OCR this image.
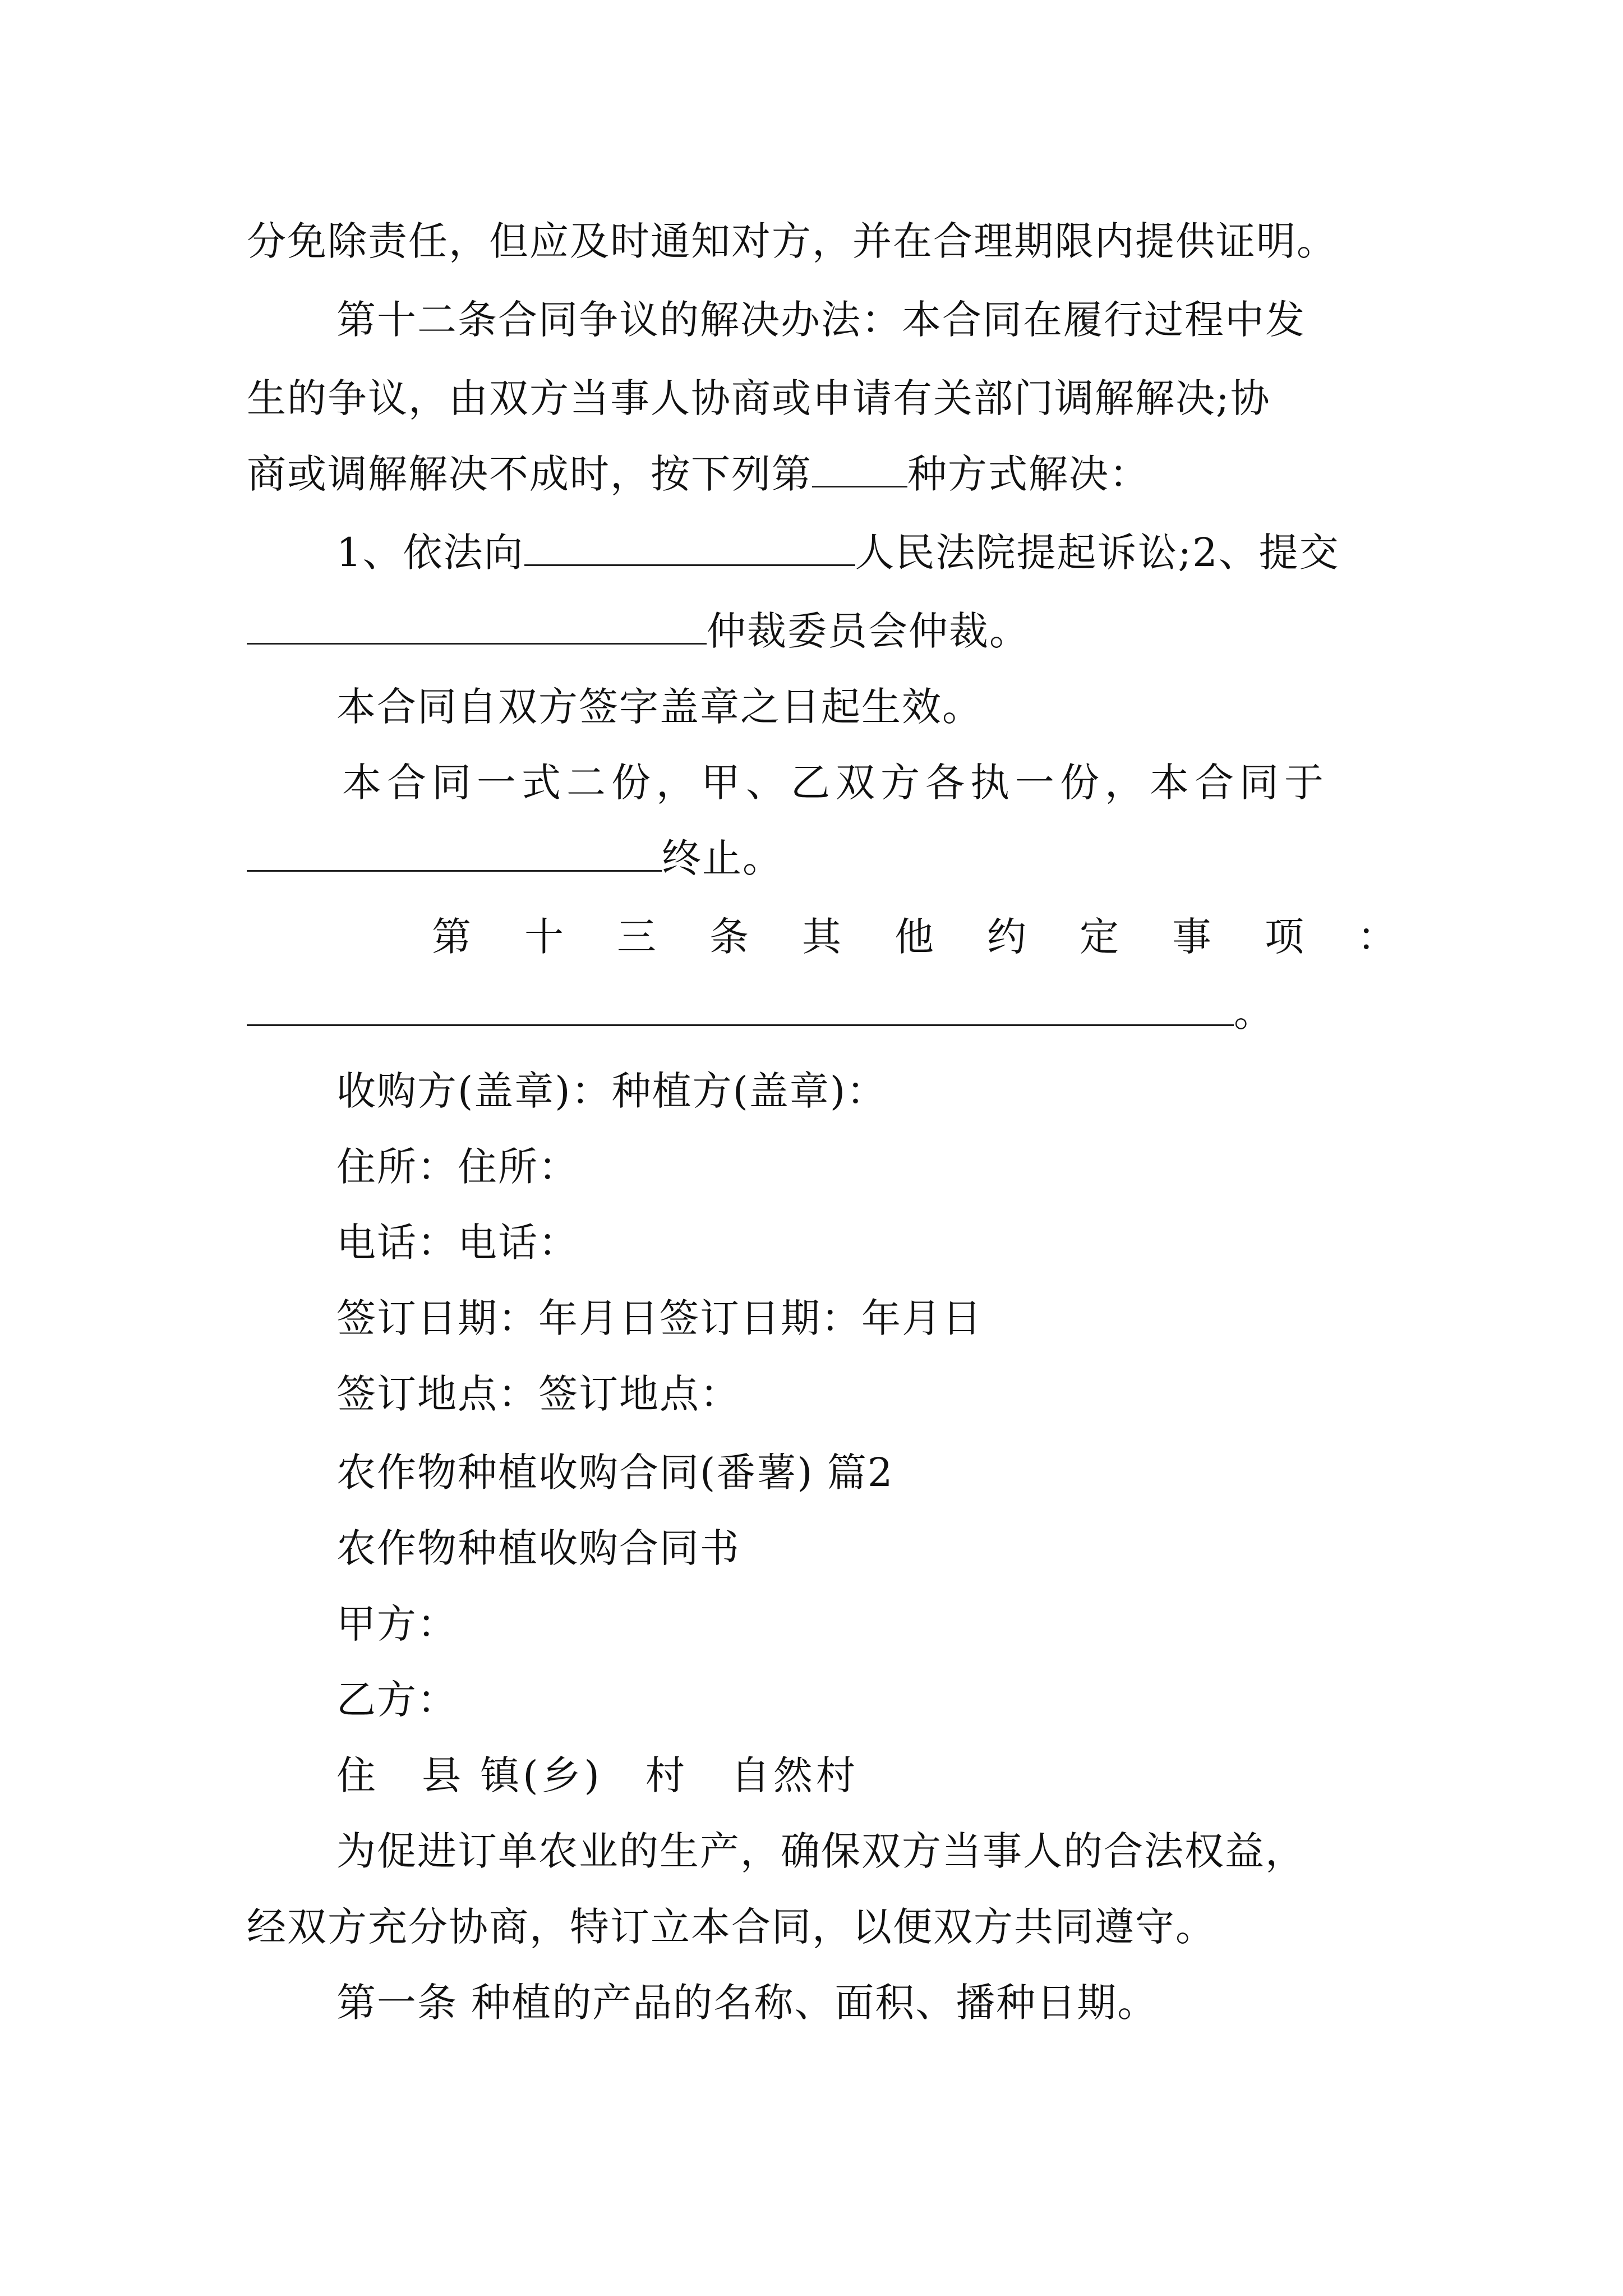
分免除责任，但应及时通知对方，并在合理期限内提供证明。
第十二条合同争议的解决办法：本合同在履行过程中发
生的争议，由双方当事人协商或申请有关部门调解解决;协
商或调解解决不成时，按下列第 种方式解决：
1、依法向	人民法院提起诉讼;2、提交
仲裁委员会仲裁。
本合同自双方签字盖章之日起生效。
本合同一式二份，甲、乙双方各执一份，本合同于
终止。
第十三条其他约定事项：
。
收购方(盖章)：种植方(盖章)：
住所：住所：
电话：电话：
签订日期：年月日签订日期：年月日
签订地点：签订地点：
农作物种植收购合同(番薯) 篇2
农作物种植收购合同书
甲方：
乙方：
住　县 镇(乡)　村　自然村
为促进订单农业的生产，确保双方当事人的合法权益，
经双方充分协商，特订立本合同，以便双方共同遵守。
第一条 种植的产品的名称、面积、播种日期。
